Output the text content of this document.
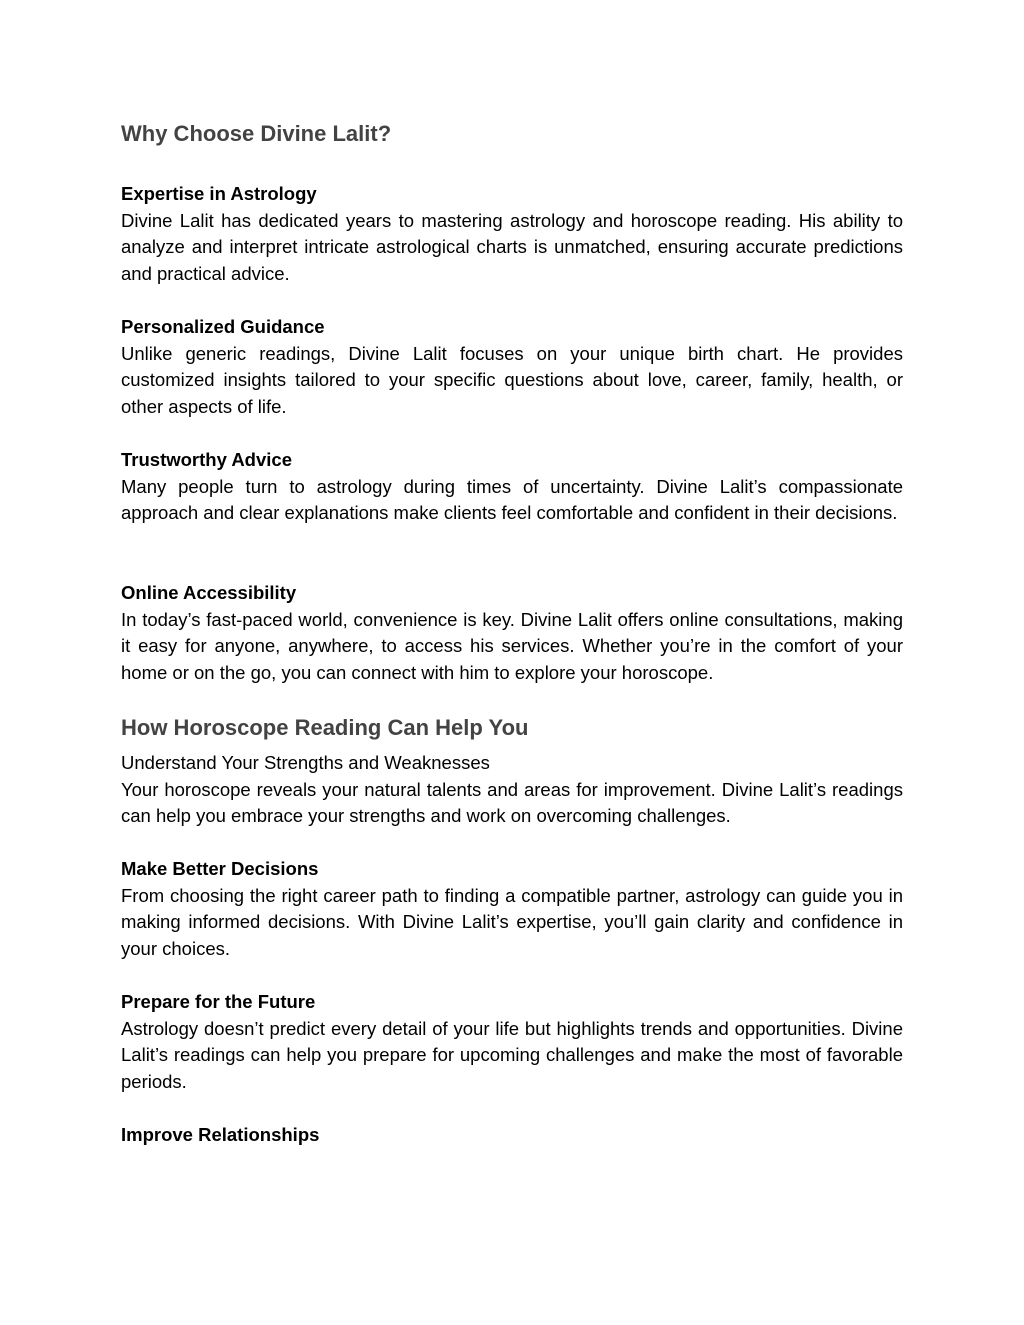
Why Choose Divine Lalit?

Expertise in Astrology

Divine Lalit has dedicated years to mastering astrology and horoscope reading. His ability to analyze and interpret intricate astrological charts is unmatched, ensuring accurate predictions and practical advice.

Personalized Guidance

Unlike generic readings, Divine Lalit focuses on your unique birth chart. He provides customized insights tailored to your specific questions about love, career, family, health, or other aspects of life.

Trustworthy Advice

Many people turn to astrology during times of uncertainty. Divine Lalit’s compassionate approach and clear explanations make clients feel comfortable and confident in their decisions.

Online Accessibility

In today’s fast-paced world, convenience is key. Divine Lalit offers online consultations, making it easy for anyone, anywhere, to access his services. Whether you’re in the comfort of your home or on the go, you can connect with him to explore your horoscope.

How Horoscope Reading Can Help You

Understand Your Strengths and Weaknesses

Your horoscope reveals your natural talents and areas for improvement. Divine Lalit’s readings can help you embrace your strengths and work on overcoming challenges.

Make Better Decisions

From choosing the right career path to finding a compatible partner, astrology can guide you in making informed decisions. With Divine Lalit’s expertise, you’ll gain clarity and confidence in your choices.

Prepare for the Future

Astrology doesn’t predict every detail of your life but highlights trends and opportunities. Divine Lalit’s readings can help you prepare for upcoming challenges and make the most of favorable periods.

Improve Relationships
